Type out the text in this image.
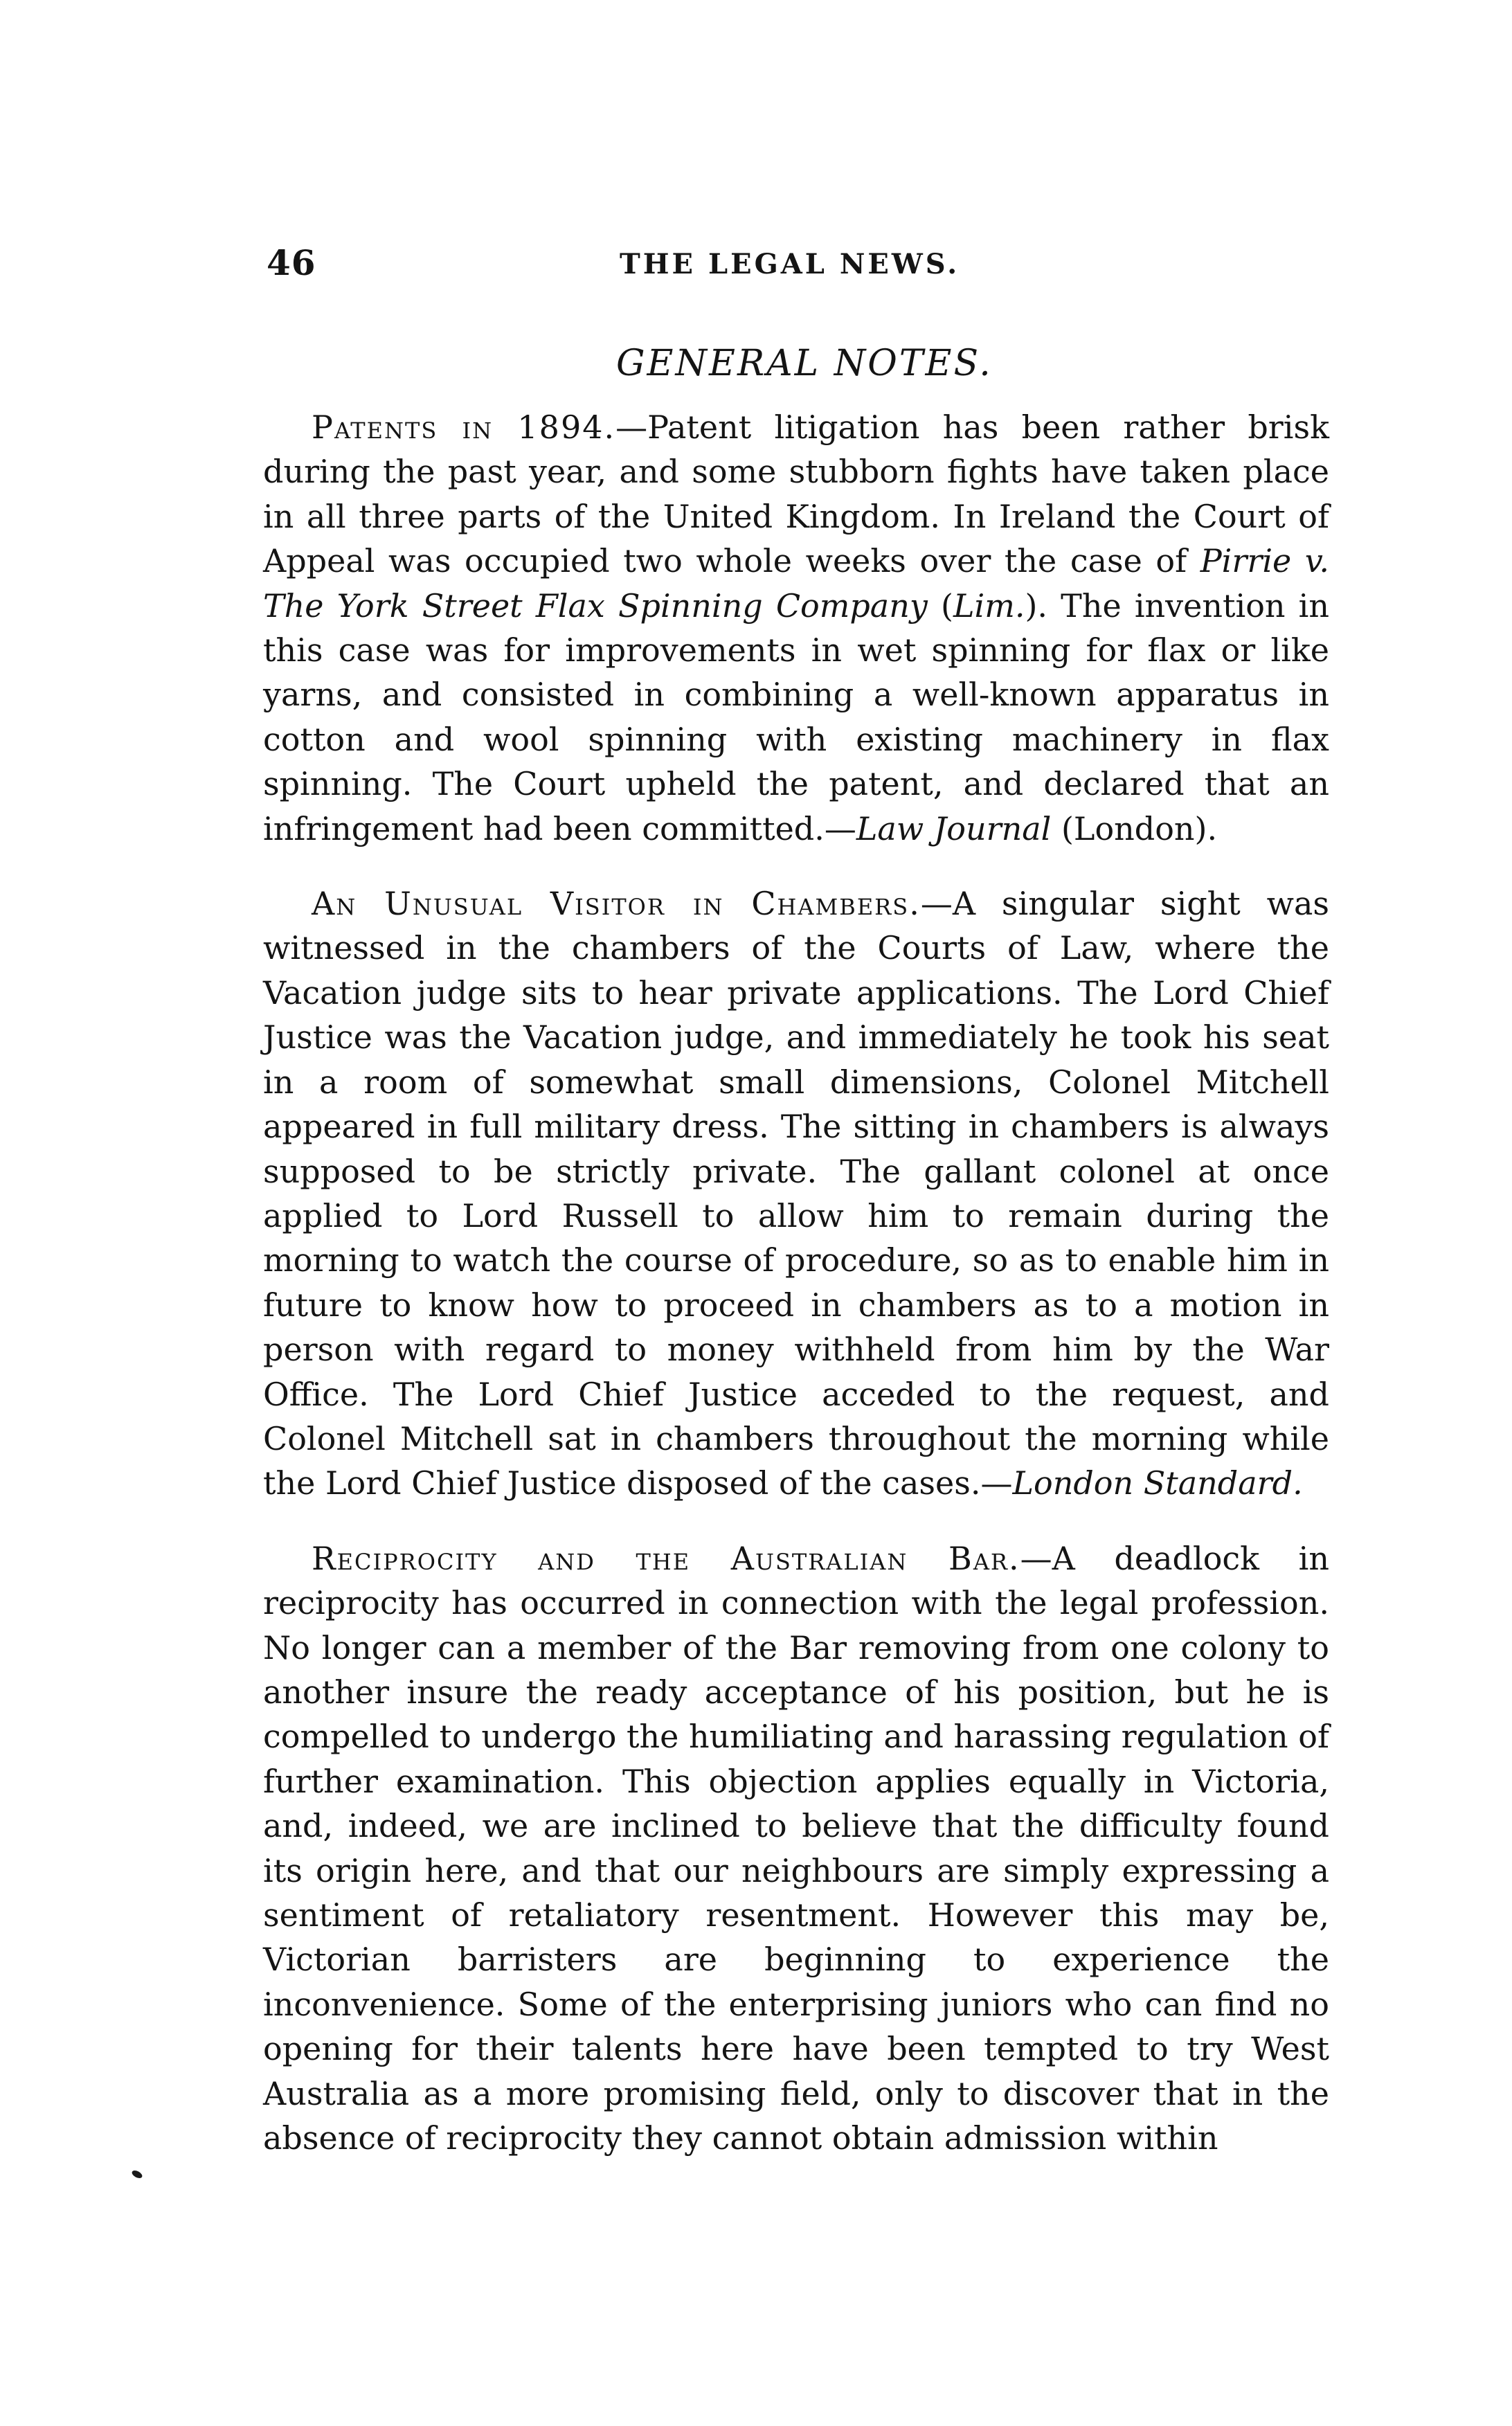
46	THE LEGAL NEWS.
GENERAL NOTES.

Patents in 1894.—Patent litigation has been rather brisk during the past year, and some stubborn fights have taken place in all three parts of the United Kingdom. In Ireland the Court of Appeal was occupied two whole weeks over the case of Pirrie v. The York Street Flax Spinning Company (Lim.). The invention in this case was for improvements in wet spinning for flax or like yarns, and consisted in combining a well-known apparatus in cotton and wool spinning with existing machinery in flax spinning. The Court upheld the patent, and declared that an infringement had been committed.—Law Journal (London).

An Unusual Visitor in Chambers.—A singular sight was witnessed in the chambers of the Courts of Law, where the Vacation judge sits to hear private applications. The Lord Chief Justice was the Vacation judge, and immediately he took his seat in a room of somewhat small dimensions, Colonel Mitchell appeared in full military dress. The sitting in chambers is always supposed to be strictly private. The gallant colonel at once applied to Lord Russell to allow him to remain during the morning to watch the course of procedure, so as to enable him in future to know how to proceed in chambers as to a motion in person with regard to money withheld from him by the War Office. The Lord Chief Justice acceded to the request, and Colonel Mitchell sat in chambers throughout the morning while the Lord Chief Justice disposed of the cases.—London Standard.

Reciprocity and the Australian Bar.—A deadlock in reciprocity has occurred in connection with the legal profession. No longer can a member of the Bar removing from one colony to another insure the ready acceptance of his position, but he is compelled to undergo the humiliating and harassing regulation of further examination. This objection applies equally in Victoria, and, indeed, we are inclined to believe that the difficulty found its origin here, and that our neighbours are simply expressing a sentiment of retaliatory resentment. However this may be, Victorian barristers are beginning to experience the inconvenience. Some of the enterprising juniors who can find no opening for their talents here have been tempted to try West Australia as a more promising field, only to discover that in the absence of reciprocity they cannot obtain admission within
